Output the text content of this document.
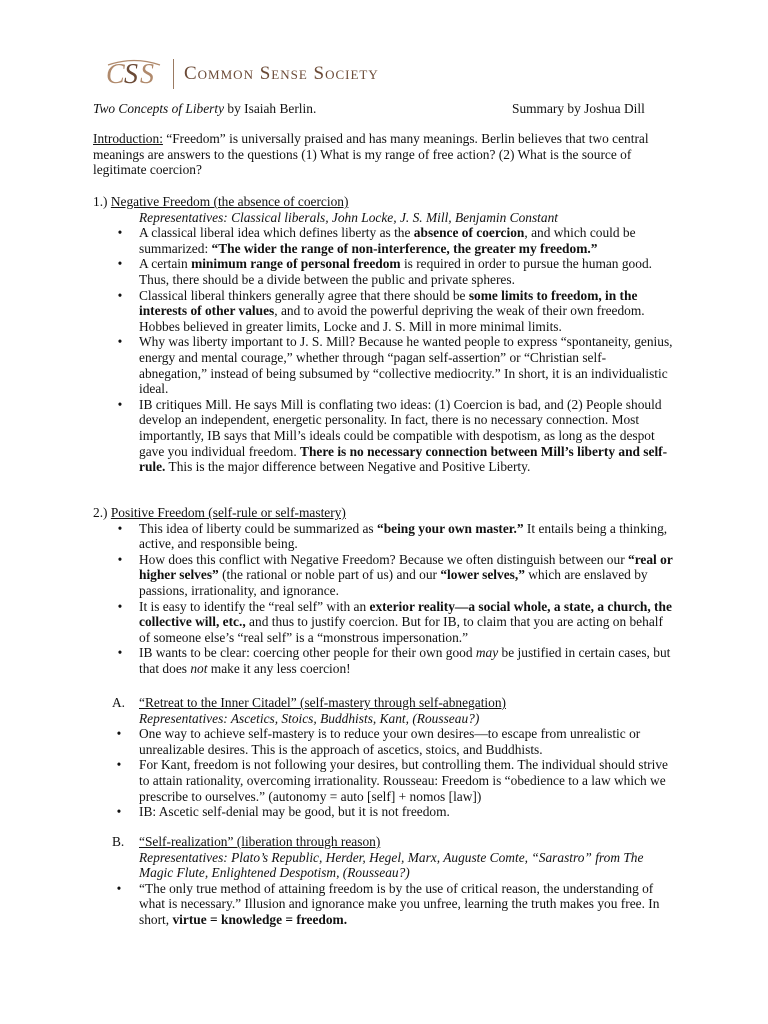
C S S Common Sense Society
Two Concepts of Liberty by Isaiah Berlin.	Summary by Joshua Dill
Introduction: “Freedom” is universally praised and has many meanings. Berlin believes that two central meanings are answers to the questions (1) What is my range of free action? (2) What is the source of legitimate coercion?
1.) Negative Freedom (the absence of coercion)
Representatives: Classical liberals, John Locke, J. S. Mill, Benjamin Constant
• A classical liberal idea which defines liberty as the absence of coercion, and which could be summarized: “The wider the range of non-interference, the greater my freedom.”
• A certain minimum range of personal freedom is required in order to pursue the human good. Thus, there should be a divide between the public and private spheres.
• Classical liberal thinkers generally agree that there should be some limits to freedom, in the interests of other values, and to avoid the powerful depriving the weak of their own freedom. Hobbes believed in greater limits, Locke and J. S. Mill in more minimal limits.
• Why was liberty important to J. S. Mill? Because he wanted people to express “spontaneity, genius, energy and mental courage,” whether through “pagan self-assertion” or “Christian self-abnegation,” instead of being subsumed by “collective mediocrity.” In short, it is an individualistic ideal.
• IB critiques Mill. He says Mill is conflating two ideas: (1) Coercion is bad, and (2) People should develop an independent, energetic personality. In fact, there is no necessary connection. Most importantly, IB says that Mill’s ideals could be compatible with despotism, as long as the despot gave you individual freedom. There is no necessary connection between Mill’s liberty and self-rule. This is the major difference between Negative and Positive Liberty.
2.) Positive Freedom (self-rule or self-mastery)
• This idea of liberty could be summarized as “being your own master.” It entails being a thinking, active, and responsible being.
• How does this conflict with Negative Freedom? Because we often distinguish between our “real or higher selves” (the rational or noble part of us) and our “lower selves,” which are enslaved by passions, irrationality, and ignorance.
• It is easy to identify the “real self” with an exterior reality—a social whole, a state, a church, the collective will, etc., and thus to justify coercion. But for IB, to claim that you are acting on behalf of someone else’s “real self” is a “monstrous impersonation.”
• IB wants to be clear: coercing other people for their own good may be justified in certain cases, but that does not make it any less coercion!
A. “Retreat to the Inner Citadel” (self-mastery through self-abnegation)
Representatives: Ascetics, Stoics, Buddhists, Kant, (Rousseau?)
• One way to achieve self-mastery is to reduce your own desires—to escape from unrealistic or unrealizable desires. This is the approach of ascetics, stoics, and Buddhists.
• For Kant, freedom is not following your desires, but controlling them. The individual should strive to attain rationality, overcoming irrationality. Rousseau: Freedom is “obedience to a law which we prescribe to ourselves.” (autonomy = auto [self] + nomos [law])
• IB: Ascetic self-denial may be good, but it is not freedom.
B. “Self-realization” (liberation through reason)
Representatives: Plato’s Republic, Herder, Hegel, Marx, Auguste Comte, “Sarastro” from The Magic Flute, Enlightened Despotism, (Rousseau?)
• “The only true method of attaining freedom is by the use of critical reason, the understanding of what is necessary.” Illusion and ignorance make you unfree, learning the truth makes you free. In short, virtue = knowledge = freedom.
